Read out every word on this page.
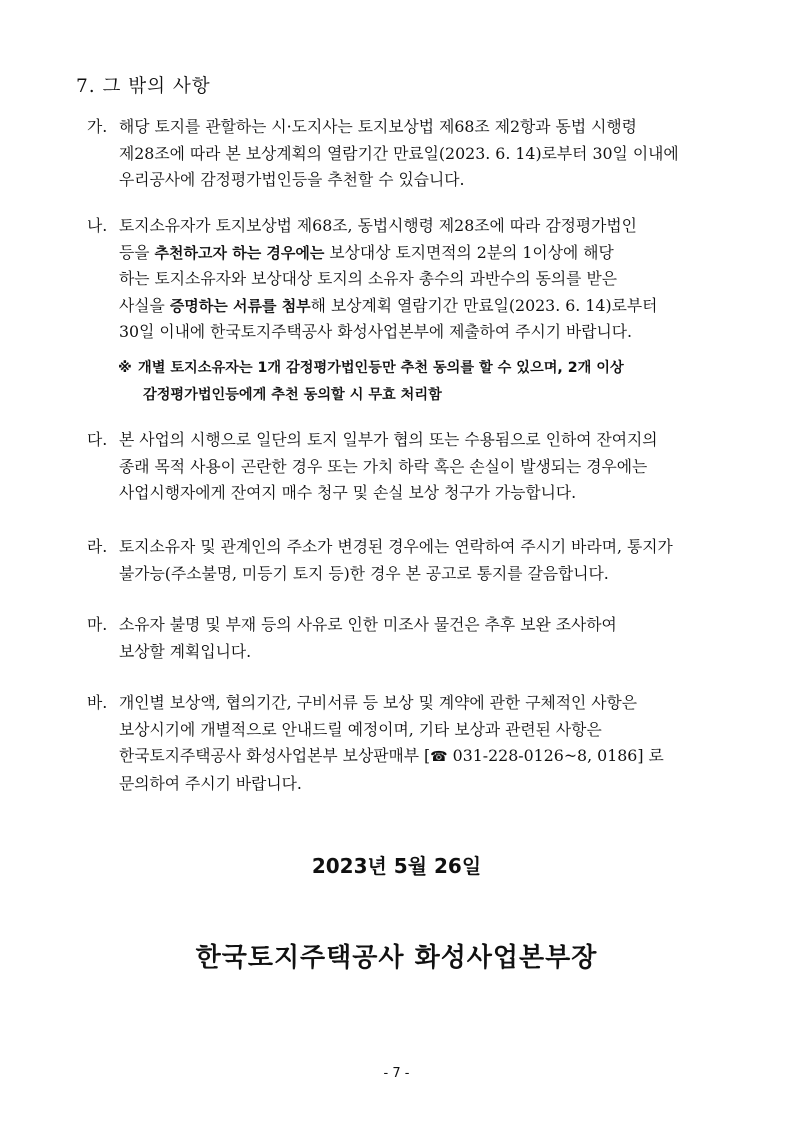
7. 그 밖의 사항
가. 해당 토지를 관할하는 시·도지사는 토지보상법 제68조 제2항과 동법 시행령
제28조에 따라 본 보상계획의 열람기간 만료일(2023. 6. 14)로부터 30일 이내에
우리공사에 감정평가법인등을 추천할 수 있습니다.
나. 토지소유자가 토지보상법 제68조, 동법시행령 제28조에 따라 감정평가법인
등을 추천하고자 하는 경우에는 보상대상 토지면적의 2분의 1이상에 해당
하는 토지소유자와 보상대상 토지의 소유자 총수의 과반수의 동의를 받은
사실을 증명하는 서류를 첨부해 보상계획 열람기간 만료일(2023. 6. 14)로부터
30일 이내에 한국토지주택공사 화성사업본부에 제출하여 주시기 바랍니다.
※ 개별 토지소유자는 1개 감정평가법인등만 추천 동의를 할 수 있으며, 2개 이상
감정평가법인등에게 추천 동의할 시 무효 처리함
다. 본 사업의 시행으로 일단의 토지 일부가 협의 또는 수용됨으로 인하여 잔여지의
종래 목적 사용이 곤란한 경우 또는 가치 하락 혹은 손실이 발생되는 경우에는
사업시행자에게 잔여지 매수 청구 및 손실 보상 청구가 가능합니다.
라. 토지소유자 및 관계인의 주소가 변경된 경우에는 연락하여 주시기 바라며, 통지가
불가능(주소불명, 미등기 토지 등)한 경우 본 공고로 통지를 갈음합니다.
마. 소유자 불명 및 부재 등의 사유로 인한 미조사 물건은 추후 보완 조사하여
보상할 계획입니다.
바. 개인별 보상액, 협의기간, 구비서류 등 보상 및 계약에 관한 구체적인 사항은
보상시기에 개별적으로 안내드릴 예정이며, 기타 보상과 관련된 사항은
한국토지주택공사 화성사업본부 보상판매부 [☎ 031-228-0126~8, 0186] 로
문의하여 주시기 바랍니다.
2023년 5월 26일
한국토지주택공사 화성사업본부장
- 7 -
